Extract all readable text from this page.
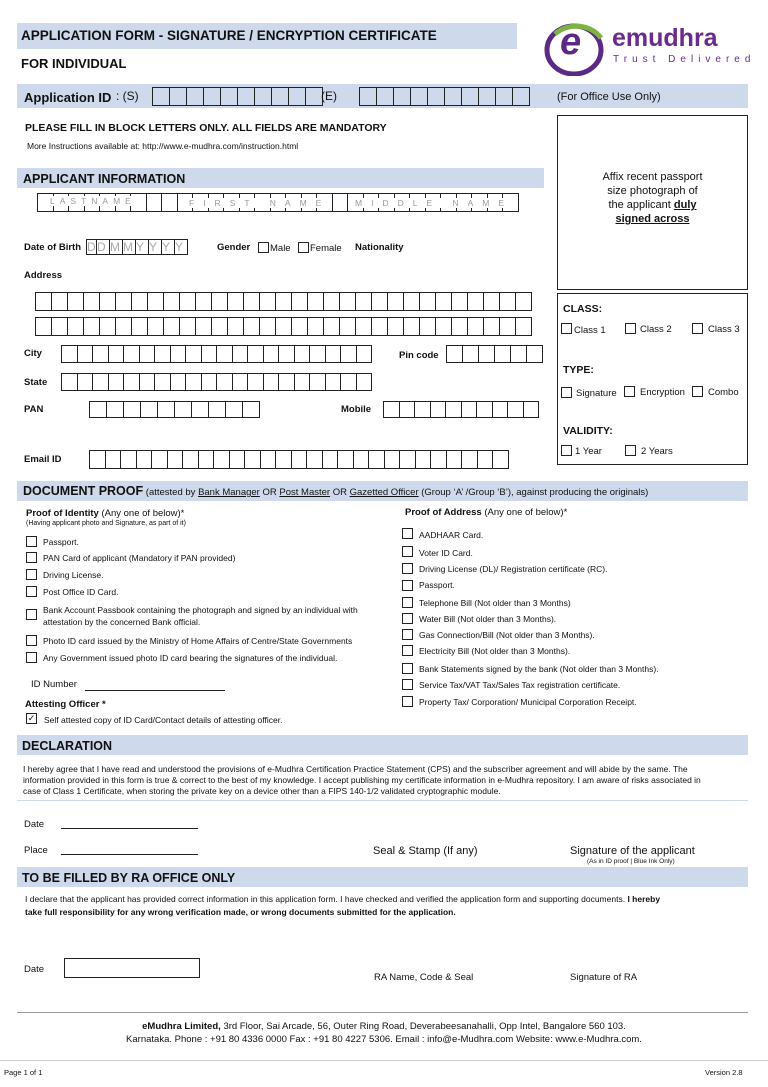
APPLICATION FORM - SIGNATURE / ENCRYPTION CERTIFICATE
FOR INDIVIDUAL
e emudhra
Trust Delivered
Application ID : (S)	(E)	(For Office Use Only)
PLEASE FILL IN BLOCK LETTERS ONLY. ALL FIELDS ARE MANDATORY
More Instructions available at: http://www.e-mudhra.com/instruction.html
Affix recent passport
size photograph of
the applicant duly
signed across
APPLICANT INFORMATION
LASTNAME	FIRST NAME	MIDDLE NAME
Date of Birth D D M M Y Y Y Y	Gender Male Female Nationality
Address
City	Pin code
State
PAN	Mobile
Email ID
CLASS:
Class 1	Class 2	Class 3
TYPE:
Signature Encryption Combo
VALIDITY:
1 Year	2 Years
DOCUMENT PROOF (attested by Bank Manager OR Post Master OR Gazetted Officer (Group ‘A’ /Group ‘B’), against producing the originals)
Proof of Identity (Any one of below)*
(Having applicant photo and Signature, as part of it)
Passport.
PAN Card of applicant (Mandatory if PAN provided)
Driving License.
Post Office ID Card.
Bank Account Passbook containing the photograph and signed by an individual with
attestation by the concerned Bank official.
Photo ID card issued by the Ministry of Home Affairs of Centre/State Governments
Any Government issued photo ID card bearing the signatures of the individual.
ID Number
Attesting Officer *
✓ Self attested copy of ID Card/Contact details of attesting officer.
Proof of Address (Any one of below)*
AADHAAR Card.
Voter ID Card.
Driving License (DL)/ Registration certificate (RC).
Passport.
Telephone Bill (Not older than 3 Months)
Water Bill (Not older than 3 Months).
Gas Connection/Bill (Not older than 3 Months).
Electricity Bill (Not older than 3 Months).
Bank Statements signed by the bank (Not older than 3 Months).
Service Tax/VAT Tax/Sales Tax registration certificate.
Property Tax/ Corporation/ Municipal Corporation Receipt.
DECLARATION
I hereby agree that I have read and understood the provisions of e-Mudhra Certification Practice Statement (CPS) and the subscriber agreement and will abide by the same. The
information provided in this form is true & correct to the best of my knowledge. I accept publishing my certificate information in e-Mudhra repository. I am aware of risks associated in
case of Class 1 Certificate, when storing the private key on a device other than a FIPS 140-1/2 validated cryptographic module.
Date
Place	Seal & Stamp (If any)	Signature of the applicant
(As in ID proof | Blue Ink Only)
TO BE FILLED BY RA OFFICE ONLY
I declare that the applicant has provided correct information in this application form. I have checked and verified the application form and supporting documents. I hereby
take full responsibility for any wrong verification made, or wrong documents submitted for the application.
Date
RA Name, Code & Seal	Signature of RA
eMudhra Limited, 3rd Floor, Sai Arcade, 56, Outer Ring Road, Deverabeesanahalli, Opp Intel, Bangalore 560 103.
Karnataka. Phone : +91 80 4336 0000 Fax : +91 80 4227 5306. Email : info@e-Mudhra.com Website: www.e-Mudhra.com.
Page 1 of 1	Version 2.8
